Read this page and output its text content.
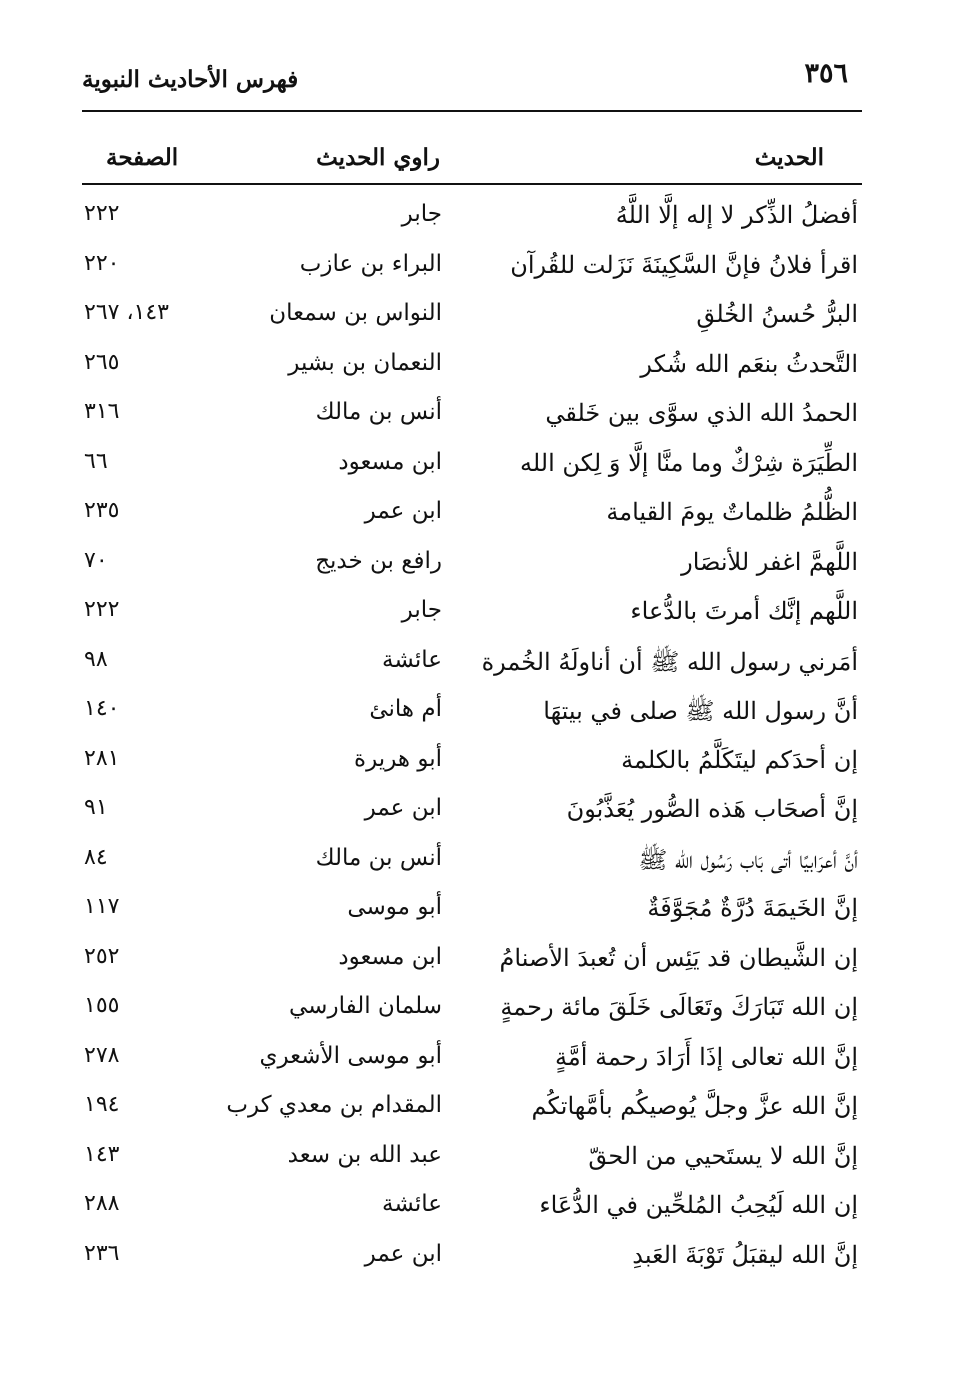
٣٥٦
فهرس الأحاديث النبوية
الحديث
راوي الحديث
الصفحة
أفضلُ الذِّكر لا إله إلَّا اللَّهُ
جابر
٢٢٢
اقرأ فلانُ فإنَّ السَّكِينَةَ نَزَلت للقُرآن
البراء بن عازب
٢٢٠
البرُّ حُسنُ الخُلقِ
النواس بن سمعان
١٤٣، ٢٦٧
التَّحدثُ بنعَم الله شُكر
النعمان بن بشير
٢٦٥
الحمدُ الله الذي سوَّى بين خَلقي
أنس بن مالك
٣١٦
الطِّيَرَة شِرْكٌ وما منَّا إلَّا وَ لِكن الله
ابن مسعود
٦٦
الظُّلمُ ظلماتٌ يومَ القيامة
ابن عمر
٢٣٥
اللَّهمَّ اغفر للأنصَار
رافع بن خديج
٧٠
اللَّهم إنَّك أمرتَ بالدُّعاء
جابر
٢٢٢
أمَرني رسول الله ﷺ أن أناولَهُ الخُمرة
عائشة
٩٨
أنَّ رسول الله ﷺ صلى في بيتهَا
أم هانئ
١٤٠
إن أحدَكم ليتَكَلَّمُ بالكلمة
أبو هريرة
٢٨١
إنَّ أصحَاب هَذه الصُّور يُعَذَّبُونَ
ابن عمر
٩١
أنَّ أعرَابيًا أتى بَاب رَسُول الله ﷺ
أنس بن مالك
٨٤
إنَّ الخَيمَةَ دُرَّةٌ مُجَوَّفَةٌ
أبو موسى
١١٧
إن الشَّيطان قد يَئِس أن تُعبدَ الأصنامُ
ابن مسعود
٢٥٢
إن الله تَبَارَكَ وتَعَالَى خَلَقَ مائة رحمةٍ
سلمان الفارسي
١٥٥
إنَّ الله تعالى إذَا أَرَادَ رحمة أمَّةٍ
أبو موسى الأشعري
٢٧٨
إنَّ الله عزَّ وجلَّ يُوصيكُم بأمَّهاتكُم
المقدام بن معدي كرب
١٩٤
إنَّ الله لا يستَحيي من الحقّ
عبد الله بن سعد
١٤٣
إن الله لَيُحِبُ المُلحِّين في الدُّعَاء
عائشة
٢٨٨
إنَّ الله ليقبَلُ تَوْبَةَ العَبدِ
ابن عمر
٢٣٦
